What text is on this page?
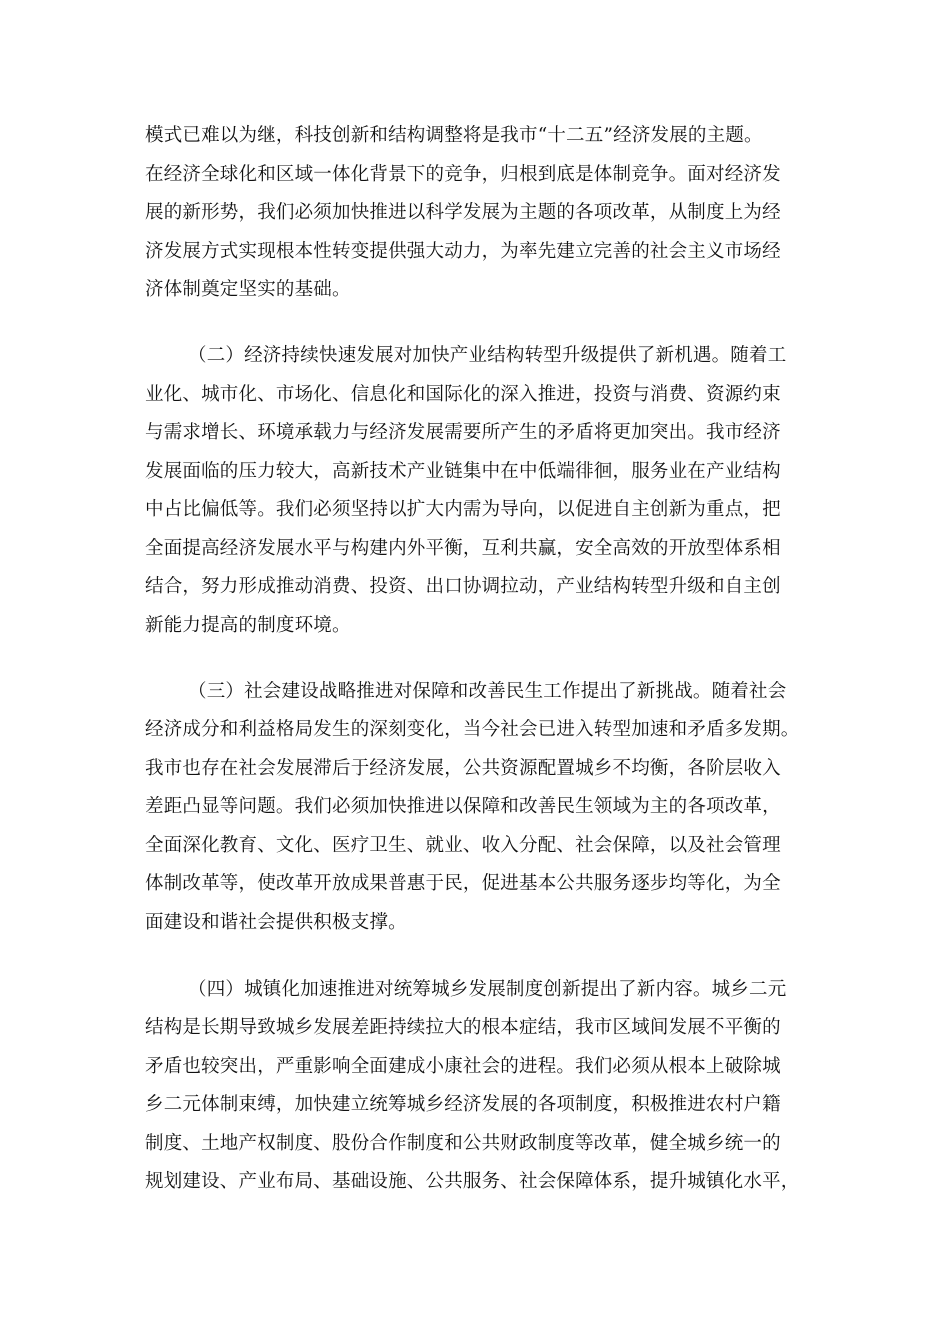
模式已难以为继，科技创新和结构调整将是我市“十二五”经济发展的主题。
在经济全球化和区域一体化背景下的竞争，归根到底是体制竞争。面对经济发
展的新形势，我们必须加快推进以科学发展为主题的各项改革，从制度上为经
济发展方式实现根本性转变提供强大动力，为率先建立完善的社会主义市场经
济体制奠定坚实的基础。
（二）经济持续快速发展对加快产业结构转型升级提供了新机遇。随着工
业化、城市化、市场化、信息化和国际化的深入推进，投资与消费、资源约束
与需求增长、环境承载力与经济发展需要所产生的矛盾将更加突出。我市经济
发展面临的压力较大，高新技术产业链集中在中低端徘徊，服务业在产业结构
中占比偏低等。我们必须坚持以扩大内需为导向，以促进自主创新为重点，把
全面提高经济发展水平与构建内外平衡，互利共赢，安全高效的开放型体系相
结合，努力形成推动消费、投资、出口协调拉动，产业结构转型升级和自主创
新能力提高的制度环境。
（三）社会建设战略推进对保障和改善民生工作提出了新挑战。随着社会
经济成分和利益格局发生的深刻变化，当今社会已进入转型加速和矛盾多发期。
我市也存在社会发展滞后于经济发展，公共资源配置城乡不均衡，各阶层收入
差距凸显等问题。我们必须加快推进以保障和改善民生领域为主的各项改革，
全面深化教育、文化、医疗卫生、就业、收入分配、社会保障，以及社会管理
体制改革等，使改革开放成果普惠于民，促进基本公共服务逐步均等化，为全
面建设和谐社会提供积极支撑。
（四）城镇化加速推进对统筹城乡发展制度创新提出了新内容。城乡二元
结构是长期导致城乡发展差距持续拉大的根本症结，我市区域间发展不平衡的
矛盾也较突出，严重影响全面建成小康社会的进程。我们必须从根本上破除城
乡二元体制束缚，加快建立统筹城乡经济发展的各项制度，积极推进农村户籍
制度、土地产权制度、股份合作制度和公共财政制度等改革，健全城乡统一的
规划建设、产业布局、基础设施、公共服务、社会保障体系，提升城镇化水平，
